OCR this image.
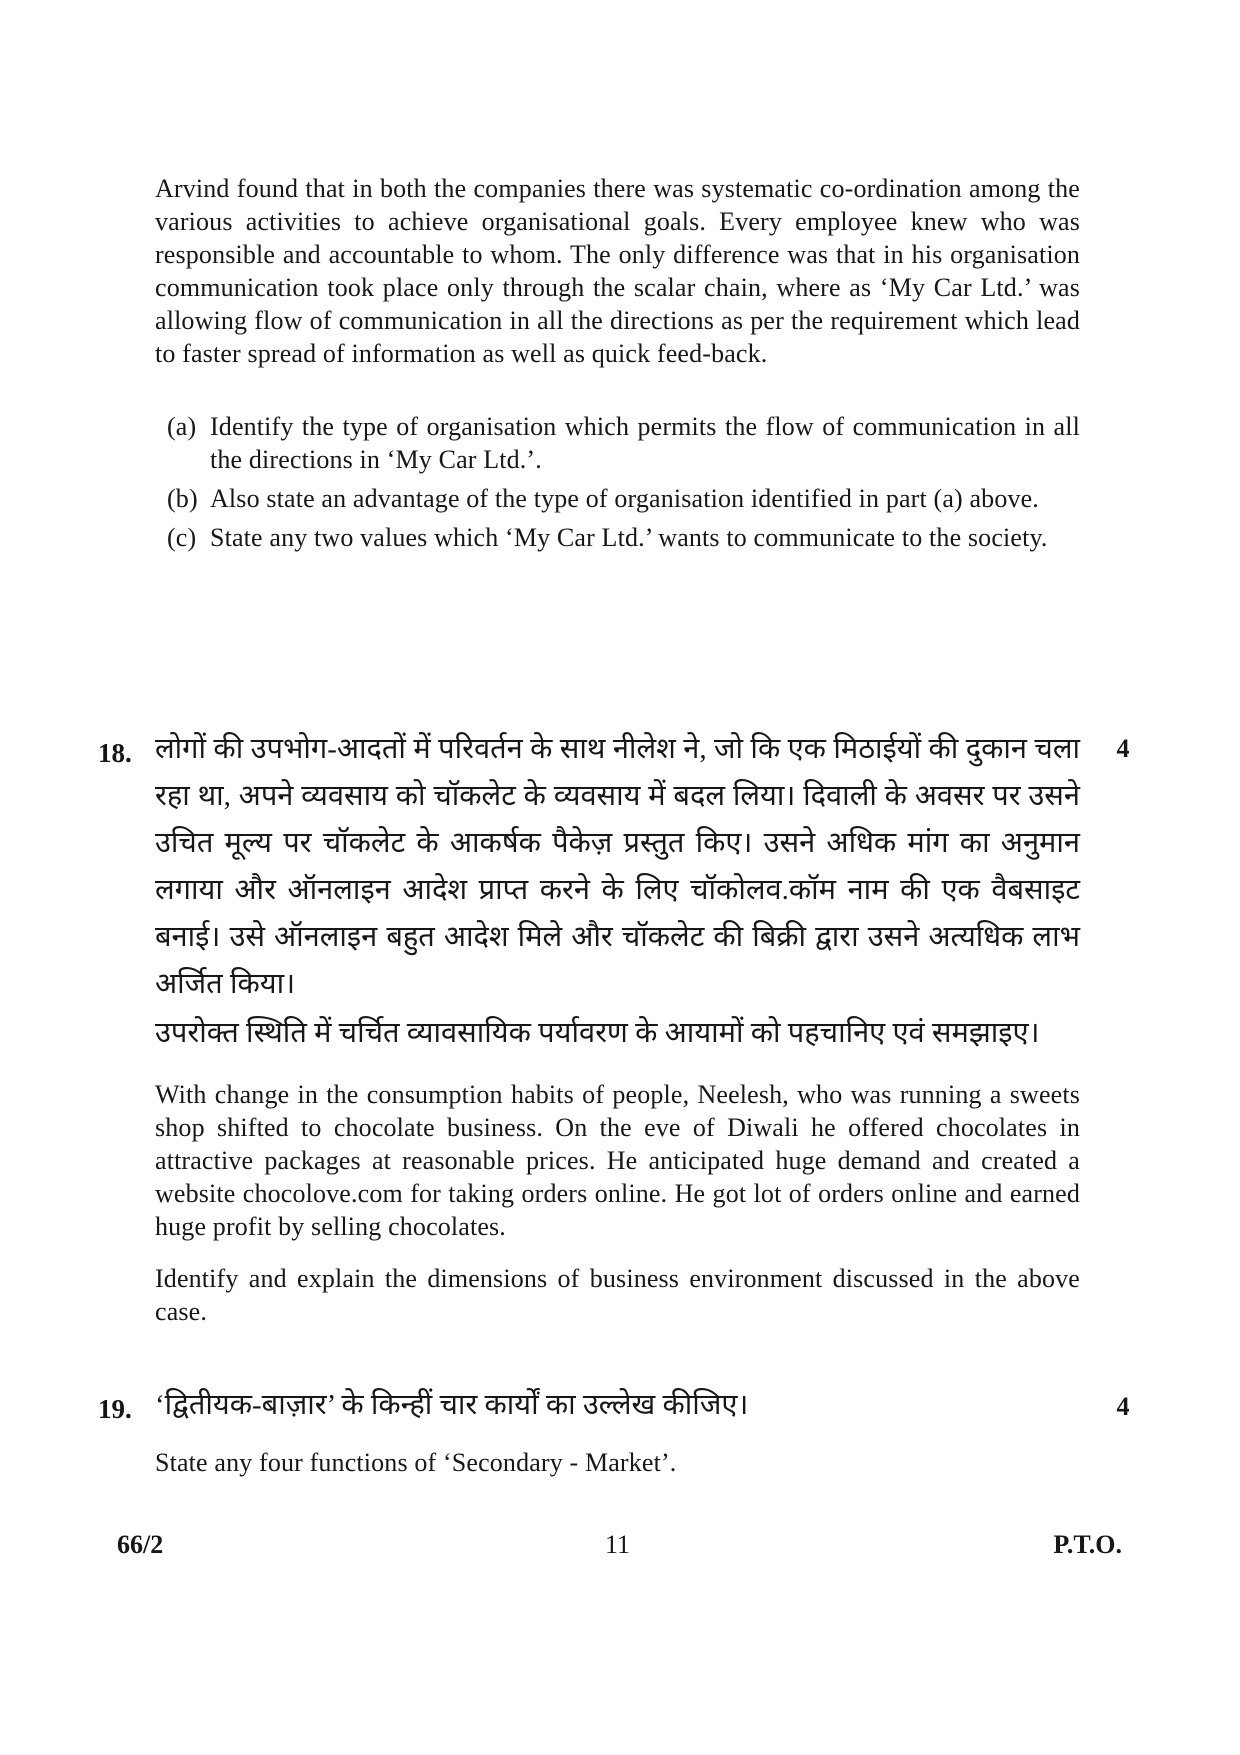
Arvind found that in both the companies there was systematic co-ordination among the various activities to achieve organisational goals. Every employee knew who was responsible and accountable to whom. The only difference was that in his organisation communication took place only through the scalar chain, where as ‘My Car Ltd.’ was allowing flow of communication in all the directions as per the requirement which lead to faster spread of information as well as quick feed-back.
(a) Identify the type of organisation which permits the flow of communication in all the directions in ‘My Car Ltd.’.
(b) Also state an advantage of the type of organisation identified in part (a) above.
(c) State any two values which ‘My Car Ltd.’ wants to communicate to the society.
18.	4
लोगों की उपभोग-आदतों में परिवर्तन के साथ नीलेश ने, जो कि एक मिठाईयों की दुकान चला रहा था, अपने व्यवसाय को चॉकलेट के व्यवसाय में बदल लिया। दिवाली के अवसर पर उसने उचित मूल्य पर चॉकलेट के आकर्षक पैकेज़ प्रस्तुत किए। उसने अधिक मांग का अनुमान लगाया और ऑनलाइन आदेश प्राप्त करने के लिए चॉकोलव.कॉम नाम की एक वैबसाइट बनाई। उसे ऑनलाइन बहुत आदेश मिले और चॉकलेट की बिक्री द्वारा उसने अत्यधिक लाभ अर्जित किया।
उपरोक्त स्थिति में चर्चित व्यावसायिक पर्यावरण के आयामों को पहचानिए एवं समझाइए।
With change in the consumption habits of people, Neelesh, who was running a sweets shop shifted to chocolate business. On the eve of Diwali he offered chocolates in attractive packages at reasonable prices. He anticipated huge demand and created a website chocolove.com for taking orders online. He got lot of orders online and earned huge profit by selling chocolates.
Identify and explain the dimensions of business environment discussed in the above case.
19.	4
‘द्वितीयक-बाज़ार’ के किन्हीं चार कार्यों का उल्लेख कीजिए।
State any four functions of ‘Secondary - Market’.
66/2	11	P.T.O.
